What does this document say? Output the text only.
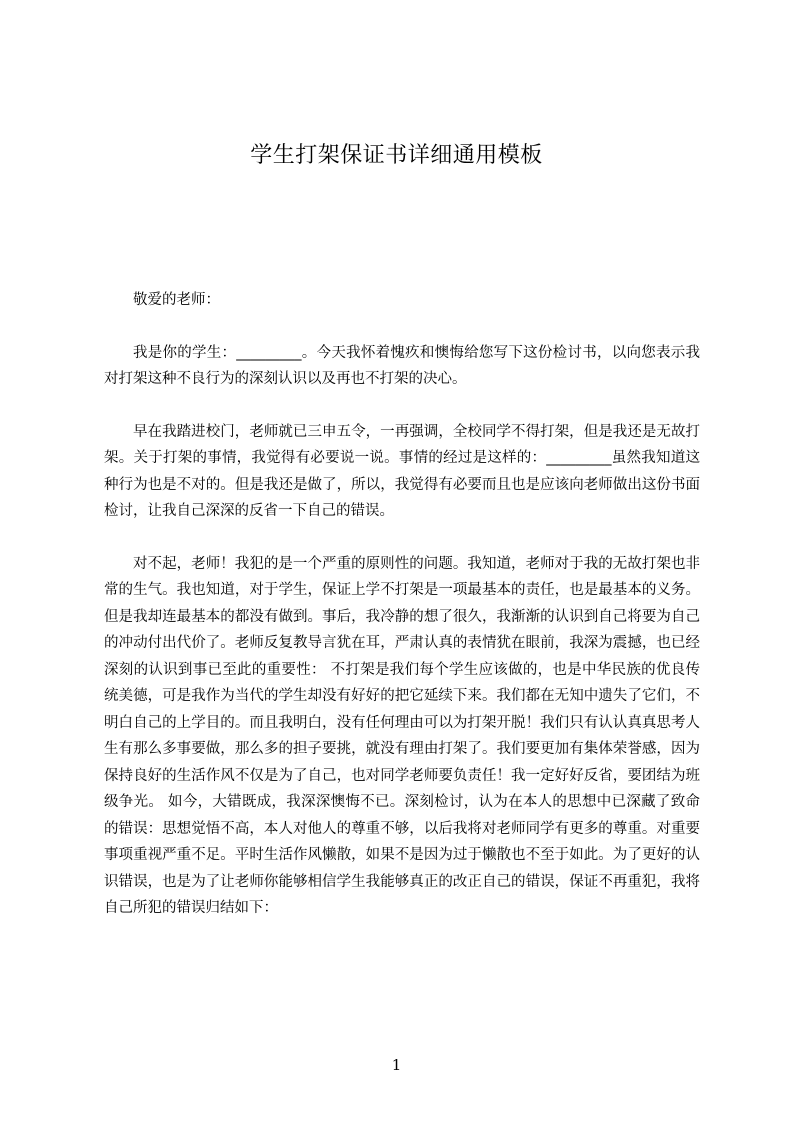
学生打架保证书详细通用模板

敬爱的老师：

我是你的学生：_________。今天我怀着愧疚和懊悔给您写下这份检讨书，以向您表示我对打架这种不良行为的深刻认识以及再也不打架的决心。

早在我踏进校门，老师就已三申五令，一再强调，全校同学不得打架，但是我还是无故打架。关于打架的事情，我觉得有必要说一说。事情的经过是这样的：_________虽然我知道这种行为也是不对的。但是我还是做了，所以，我觉得有必要而且也是应该向老师做出这份书面检讨，让我自己深深的反省一下自己的错误。

对不起，老师！我犯的是一个严重的原则性的问题。我知道，老师对于我的无故打架也非常的生气。我也知道，对于学生，保证上学不打架是一项最基本的责任，也是最基本的义务。但是我却连最基本的都没有做到。事后，我冷静的想了很久，我渐渐的认识到自己将要为自己的冲动付出代价了。老师反复教导言犹在耳，严肃认真的表情犹在眼前，我深为震撼，也已经深刻的认识到事已至此的重要性： 不打架是我们每个学生应该做的，也是中华民族的优良传统美德，可是我作为当代的学生却没有好好的把它延续下来。我们都在无知中遗失了它们，不明白自己的上学目的。而且我明白，没有任何理由可以为打架开脱！我们只有认认真真思考人生有那么多事要做，那么多的担子要挑，就没有理由打架了。我们要更加有集体荣誉感，因为保持良好的生活作风不仅是为了自己，也对同学老师要负责任！我一定好好反省，要团结为班级争光。 如今，大错既成，我深深懊悔不已。深刻检讨，认为在本人的思想中已深藏了致命的错误：思想觉悟不高，本人对他人的尊重不够，以后我将对老师同学有更多的尊重。对重要事项重视严重不足。平时生活作风懒散，如果不是因为过于懒散也不至于如此。为了更好的认识错误，也是为了让老师你能够相信学生我能够真正的改正自己的错误，保证不再重犯，我将自己所犯的错误归结如下：

1
